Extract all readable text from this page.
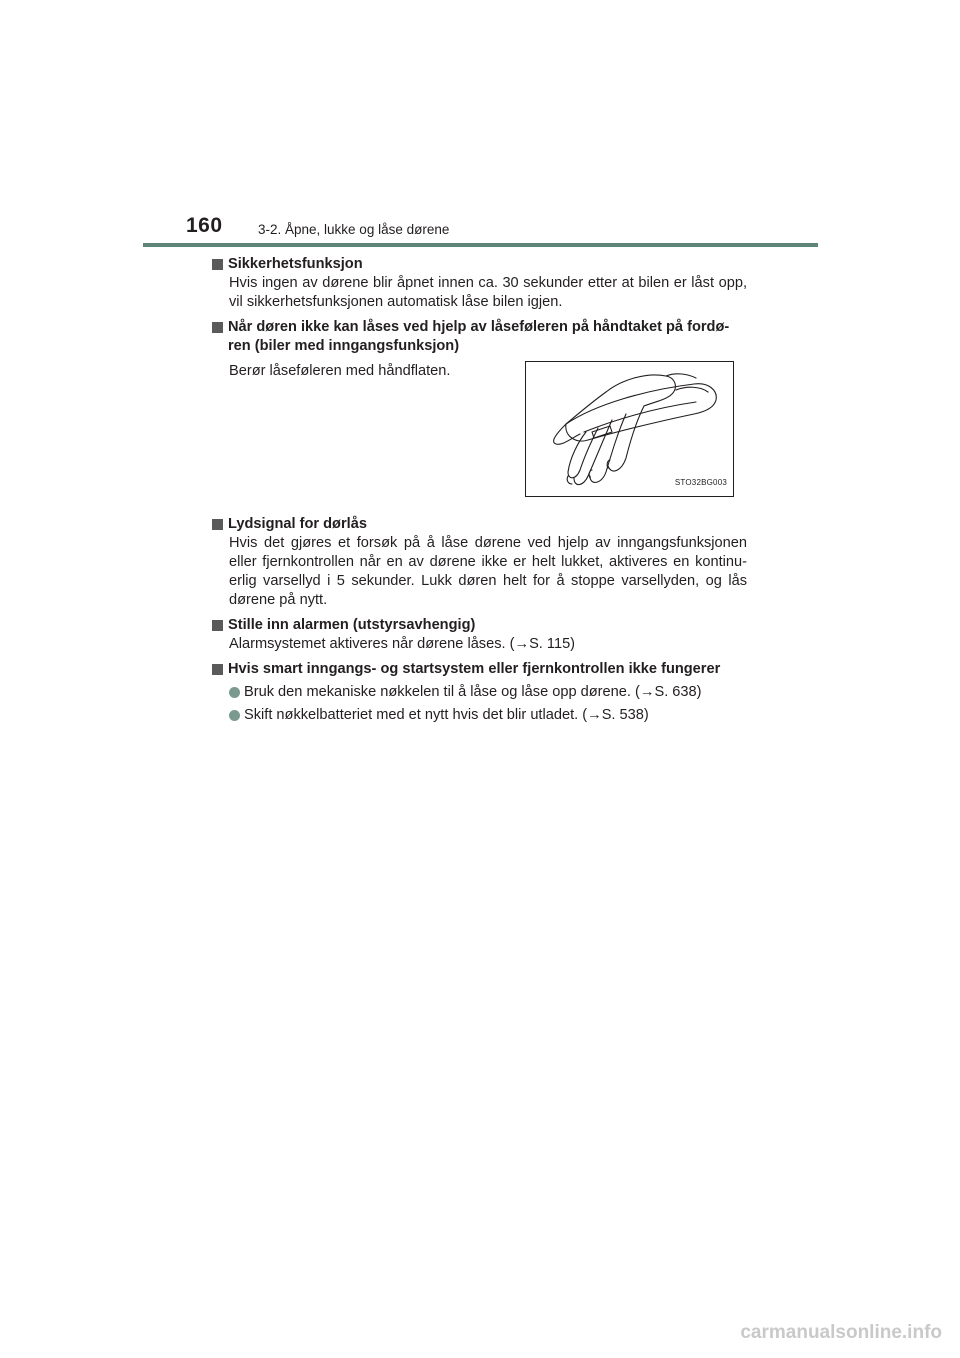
160	3-2. Åpne, lukke og låse dørene
Sikkerhetsfunksjon
Hvis ingen av dørene blir åpnet innen ca. 30 sekunder etter at bilen er låst opp, vil sikkerhetsfunksjonen automatisk låse bilen igjen.
Når døren ikke kan låses ved hjelp av låseføleren på håndtaket på fordø-ren (biler med inngangsfunksjon)
Berør låseføleren med håndflaten.
STO32BG003
Lydsignal for dørlås
Hvis det gjøres et forsøk på å låse dørene ved hjelp av inngangsfunksjonen eller fjernkontrollen når en av dørene ikke er helt lukket, aktiveres en kontinu-erlig varsellyd i 5 sekunder. Lukk døren helt for å stoppe varsellyden, og lås dørene på nytt.
Stille inn alarmen (utstyrsavhengig)
Alarmsystemet aktiveres når dørene låses. (→S. 115)
Hvis smart inngangs- og startsystem eller fjernkontrollen ikke fungerer
Bruk den mekaniske nøkkelen til å låse og låse opp dørene. (→S. 638)
Skift nøkkelbatteriet med et nytt hvis det blir utladet. (→S. 538)
carmanualsonline.info
